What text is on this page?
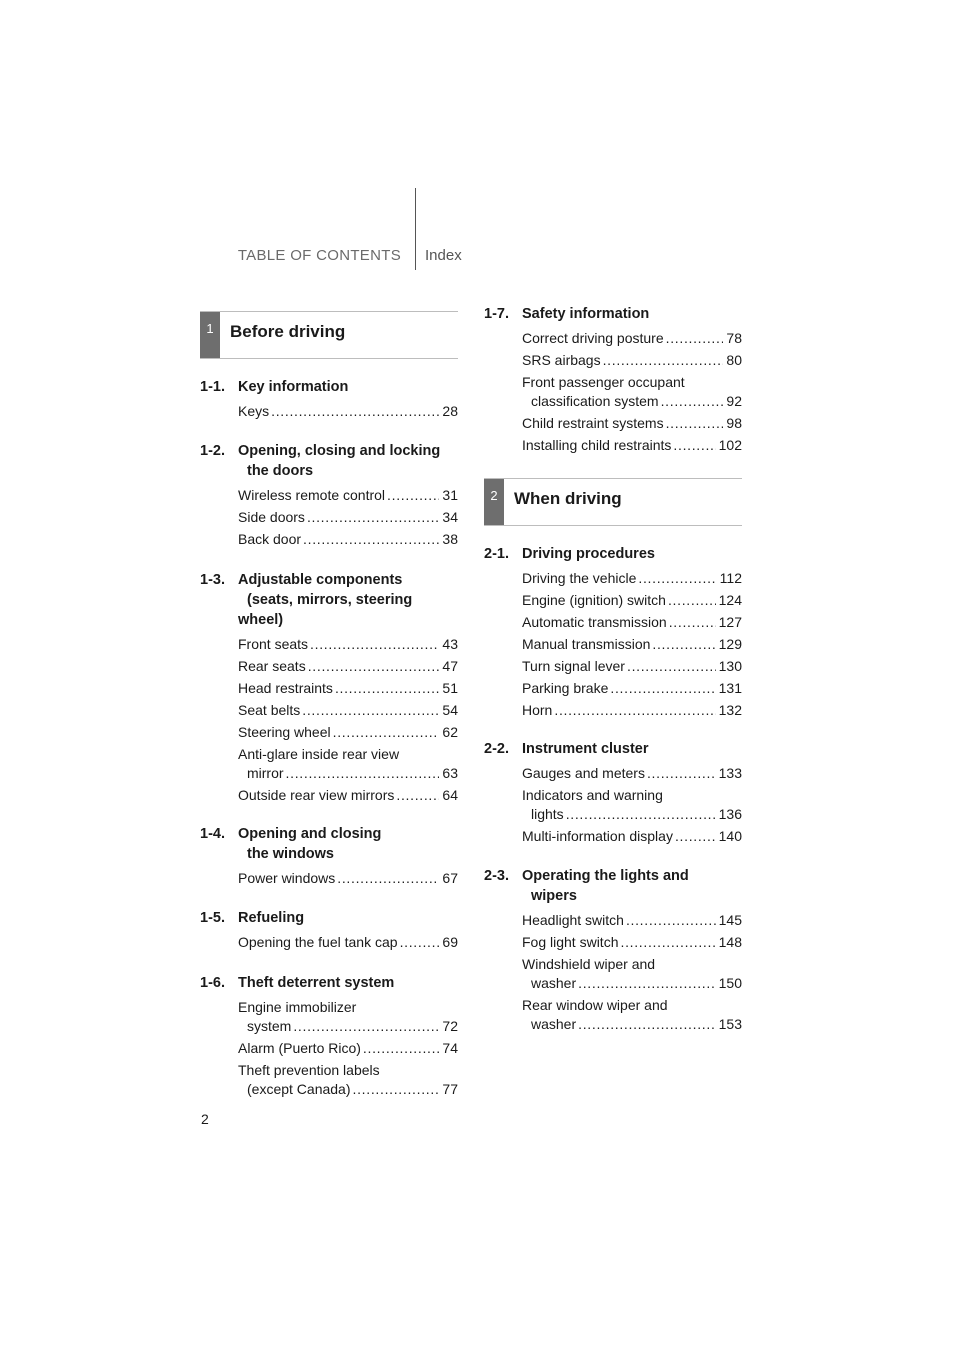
TABLE OF CONTENTS Index
1 Before driving
1-1. Key information
Keys . . .	28
1-2. Opening, closing and locking
the doors
Wireless remote control . . .	31
Side doors . . .	34
Back door . . .	38
1-3. Adjustable components
(seats, mirrors, steering
wheel)
Front seats . . .	43
Rear seats . . .	47
Head restraints . . .	51
Seat belts . . .	54
Steering wheel . . .	62
Anti-glare inside rear view
mirror . . .	63
Outside rear view mirrors . . .	64
1-4. Opening and closing
the windows
Power windows . . .	67
1-5. Refueling
Opening the fuel tank cap . . .	69
1-6. Theft deterrent system
Engine immobilizer
system . . .	72
Alarm (Puerto Rico) . . .	74
Theft prevention labels
(except Canada) . . .	77
1-7. Safety information
Correct driving posture . . .	78
SRS airbags . . .	80
Front passenger occupant
classification system . . .	92
Child restraint systems . . .	98
Installing child restraints . . .	102
2 When driving
2-1. Driving procedures
Driving the vehicle . . .	112
Engine (ignition) switch . . .	124
Automatic transmission . . .	127
Manual transmission . . .	129
Turn signal lever . . .	130
Parking brake . . .	131
Horn . . .	132
2-2. Instrument cluster
Gauges and meters . . .	133
Indicators and warning
lights . . .	136
Multi-information display . . .	140
2-3. Operating the lights and
wipers
Headlight switch . . .	145
Fog light switch . . .	148
Windshield wiper and
washer . . .	150
Rear window wiper and
washer . . .	153
2
